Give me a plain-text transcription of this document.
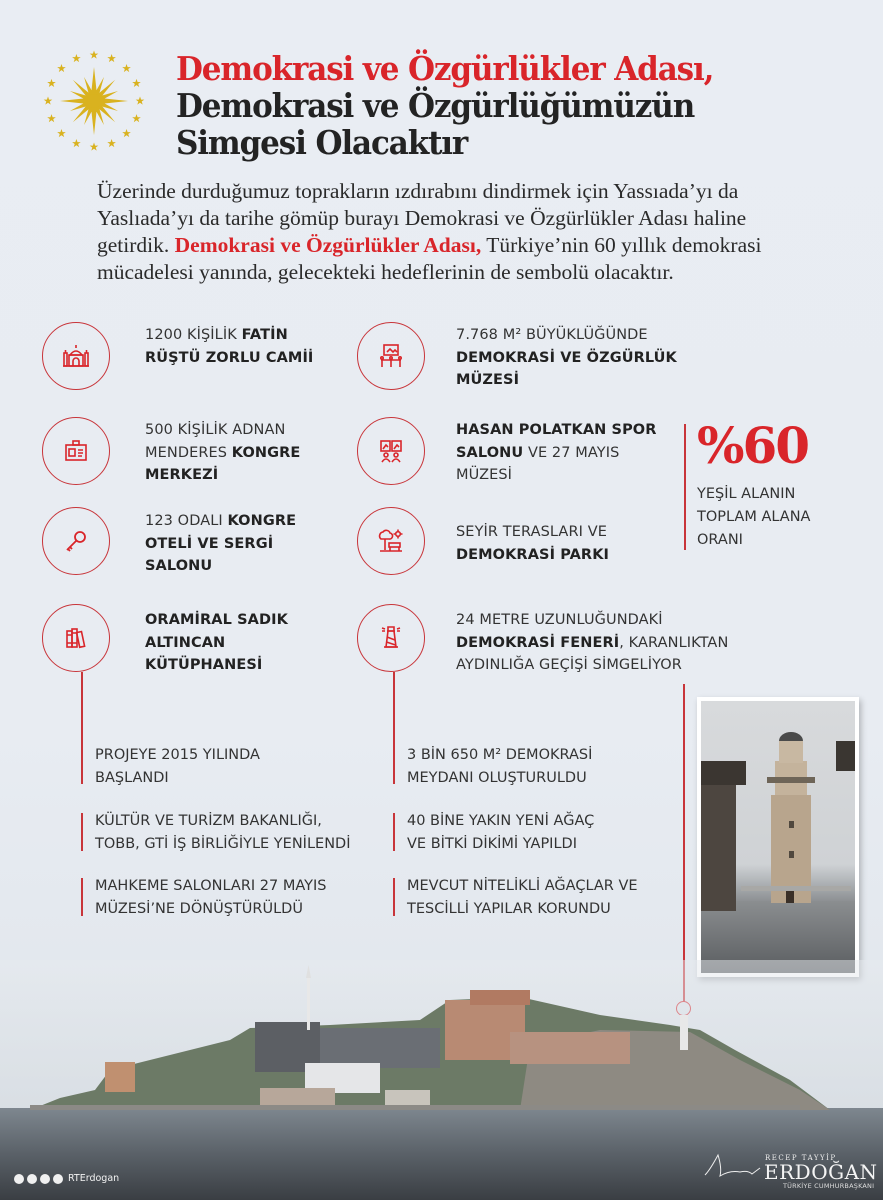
Demokrasi ve Özgürlükler Adası,
Demokrasi ve Özgürlüğümüzün
Simgesi Olacaktır

Üzerinde durduğumuz toprakların ızdırabını dindirmek için Yassıada’yı da Yaslıada’yı da tarihe gömüp burayı Demokrasi ve Özgürlükler Adası haline getirdik. Demokrasi ve Özgürlükler Adası, Türkiye’nin 60 yıllık demokrasi mücadelesi yanında, gelecekteki hedeflerinin de sembolü olacaktır.

1200 KİŞİLİK FATİN RÜŞTÜ ZORLU CAMİİ
500 KİŞİLİK ADNAN MENDERES KONGRE MERKEZİ
123 ODALI KONGRE OTELİ VE SERGİ SALONU
ORAMİRAL SADIK ALTINCAN KÜTÜPHANESİ
7.768 M² BÜYÜKLÜĞÜNDE DEMOKRASİ VE ÖZGÜRLÜK MÜZESİ
HASAN POLATKAN SPOR SALONU VE 27 MAYIS MÜZESİ
SEYİR TERASLARI VE DEMOKRASİ PARKI
24 METRE UZUNLUĞUNDAKİ DEMOKRASİ FENERİ, KARANLIKTAN AYDINLIĞA GEÇİŞİ SİMGELİYOR
%60
YEŞİL ALANIN
TOPLAM ALANA
ORANI
PROJEYE 2015 YILINDA
BAŞLANDI
KÜLTÜR VE TURİZM BAKANLIĞI,
TOBB, GTİ İŞ BİRLİĞİYLE YENİLENDİ
MAHKEME SALONLARI 27 MAYIS
MÜZESİ’NE DÖNÜŞTÜRÜLDÜ
3 BİN 650 M² DEMOKRASİ
MEYDANI OLUŞTURULDU
40 BİNE YAKIN YENİ AĞAÇ
VE BİTKİ DİKİMİ YAPILDI
MEVCUT NİTELİKLİ AĞAÇLAR VE
TESCİLLİ YAPILAR KORUNDU
RTErdogan
RECEP TAYYİP
ERDOĞAN
TÜRKİYE CUMHURBAŞKANI
